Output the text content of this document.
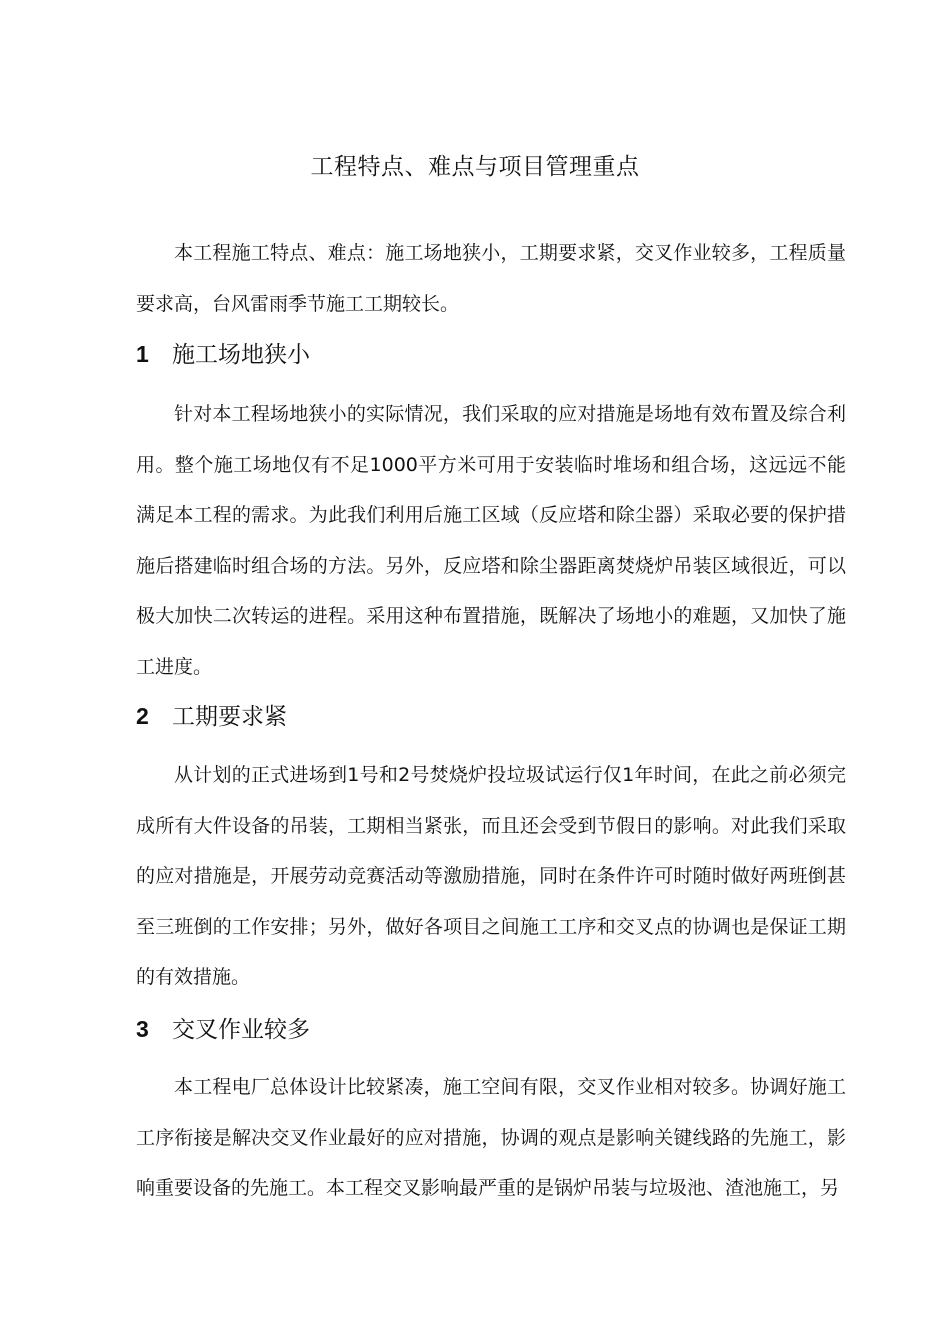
工程特点、难点与项目管理重点

本工程施工特点、难点：施工场地狭小，工期要求紧，交叉作业较多，工程质量要求高，台风雷雨季节施工工期较长。

1 施工场地狭小

针对本工程场地狭小的实际情况，我们采取的应对措施是场地有效布置及综合利用。整个施工场地仅有不足1000平方米可用于安装临时堆场和组合场，这远远不能满足本工程的需求。为此我们利用后施工区域（反应塔和除尘器）采取必要的保护措施后搭建临时组合场的方法。另外，反应塔和除尘器距离焚烧炉吊装区域很近，可以极大加快二次转运的进程。采用这种布置措施，既解决了场地小的难题，又加快了施工进度。

2 工期要求紧

从计划的正式进场到1号和2号焚烧炉投垃圾试运行仅1年时间，在此之前必须完成所有大件设备的吊装，工期相当紧张，而且还会受到节假日的影响。对此我们采取的应对措施是，开展劳动竞赛活动等激励措施，同时在条件许可时随时做好两班倒甚至三班倒的工作安排；另外，做好各项目之间施工工序和交叉点的协调也是保证工期的有效措施。

3 交叉作业较多

本工程电厂总体设计比较紧凑，施工空间有限，交叉作业相对较多。协调好施工工序衔接是解决交叉作业最好的应对措施，协调的观点是影响关键线路的先施工，影响重要设备的先施工。本工程交叉影响最严重的是锅炉吊装与垃圾池、渣池施工，另
